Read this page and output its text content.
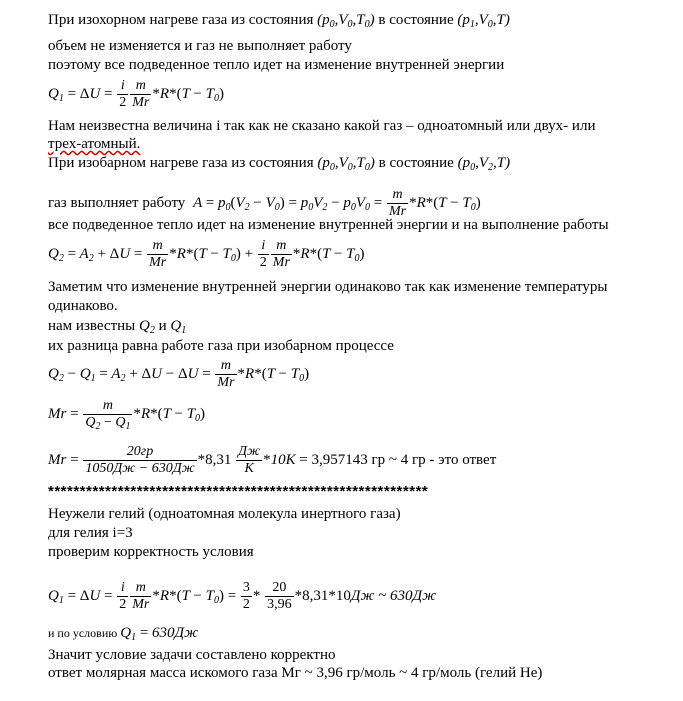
При изохорном нагреве газа из состояния $(p_0,V_0,T_0)$ в состояние $(p_1,V_0,T)$
объем не изменяется и газ не выполняет работу
поэтому все подведенное тепло идет на изменение внутренней энергии
$Q_1 = \Delta U = \frac{i}{2}$ m
Мr
$*R*(T - T_0)$
Нам неизвестна величина i так как не сказано какой газ – одноатомный или двух- или
трех-атомный.
При изобарном нагреве газа из состояния $(p_0,V_0,T_0)$ в состояние $(p_0,V_2,T)$
газ выполняет работу $A = p_0(V_2 - V_0) = p_0V_2 - p_0V_0$ =
m
Мr
$*R*(T - T_0)$
все подведенное тепло идет на изменение внутренней энергии и на выполнение работы
$Q_2 = A_2 + \Delta U$ =
m
Мr
$*R*(T - T_0) + \frac{i}{2}$ m
Мr
$*R*(T - T_0)$
Заметим что изменение внутренней энергии одинаково так как изменение температуры
одинаково.
нам известны $Q_2$ и $Q_1$
их разница равна работе газа при изобарном процессе
$Q_2 - Q_1 = A_2 + \Delta U - \Delta U$ =
m
Мr
$*R*(T - T_0)$
Мr = $\frac{m}{Q_2 - Q_1} *R*(T - T_0)$
Мr =
20гр
1050Дж − 630Дж
*8,31
Дж
К
*10К = 3,957143 гр ~ 4 гр - это ответ
************************************************************
Неужели гелий (одноатомная молекула инертного газа)
для гелия i=3
проверим корректность условия
$Q_1 = \Delta U = \frac{i}{2}$ m
Мr
$*R*(T - T_0) = \frac{3}{2} * \frac{20}{3,96} *8,31*10Дж$ ~ 630Дж
и по условию $Q_1 = 630Дж$
Значит условие задачи составлено корректно
ответ молярная масса искомого газа Мг ~ 3,96 гр/моль ~ 4 гр/моль (гелий Не)
